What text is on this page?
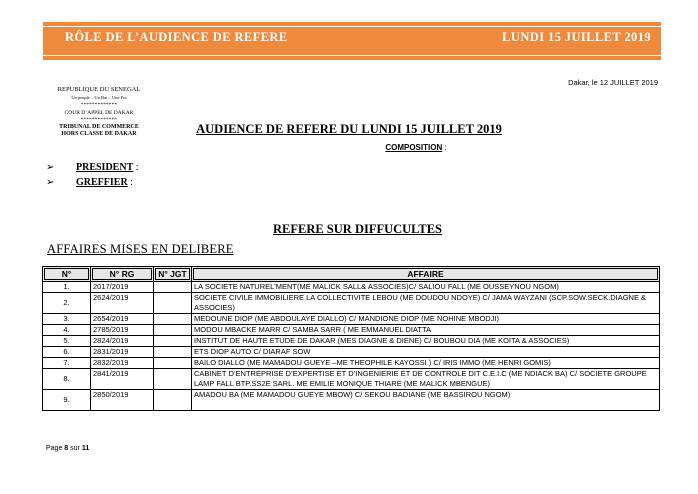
RÔLE DE L’AUDIENCE DE REFERE	LUNDI 15 JUILLET 2019
Dakar, le 12 JUILLET 2019
REPUBLIQUE DU SENEGAL
Un peuple – Un But – Une Foi
*************
COUR D’APPEL DE DAKAR
*************
TRIBUNAL DE COMMERCE
HORS CLASSE DE DAKAR	AUDIENCE DE REFERE DU LUNDI 15 JUILLET 2019
COMPOSITION :
➢ PRESIDENT :
➢ GREFFIER :
REFERE SUR DIFFUCULTES
AFFAIRES MISES EN DELIBERE
N°	N° RG	N° JGT	AFFAIRE

1.	2017/2019		LA SOCIETE NATUREL'MENT(ME MALICK SALL& ASSOCIES)C/ SALIOU FALL (ME OUSSEYNOU NGOM)
2.	2624/2019		SOCIETE CIVILE IMMOBILIERE LA COLLECTIVITE LEBOU (ME DOUDOU NDOYE) C/ JAMA WAYZANI (SCP.SOW.SECK.DIAGNE & ASSOCIES)
3.	2654/2019		MEDOUNE DIOP (ME ABDOULAYE DIALLO) C/ MANDIONE DIOP (ME NOHINE MBODJI)
4.	2785/2019		MODOU MBACKE MARR C/ SAMBA SARR ( ME EMMANUEL DIATTA
5.	2824/2019		INSTITUT DE HAUTE ETUDE DE DAKAR (MES DIAGNE & DIENE) C/ BOUBOU DIA (ME KOITA & ASSOCIES)
6.	2831/2019		ETS DIOP AUTO C/ DIARAF SOW
7.	2832/2019		BAILO DIALLO (ME MAMADOU GUEYE –ME THEOPHILE KAYOSSI ) C/ IRIS IMMO (ME HENRI GOMIS)
8.	2841/2019		CABINET D’ENTREPRISE D’EXPERTISE ET D’INGENIERIE ET DE CONTROLE DIT C.E.I.C (ME NDIACK BA) C/ SOCIETE GROUPE LAMP FALL BTP.SS2E SARL. ME EMILIE MONIQUE THIARE (ME MALICK MBENGUE)
9.	2850/2019		AMADOU BA (ME MAMADOU GUEYE MBOW) C/ SEKOU BADIANE (ME BASSIROU NGOM)
Page 8 sur 11
